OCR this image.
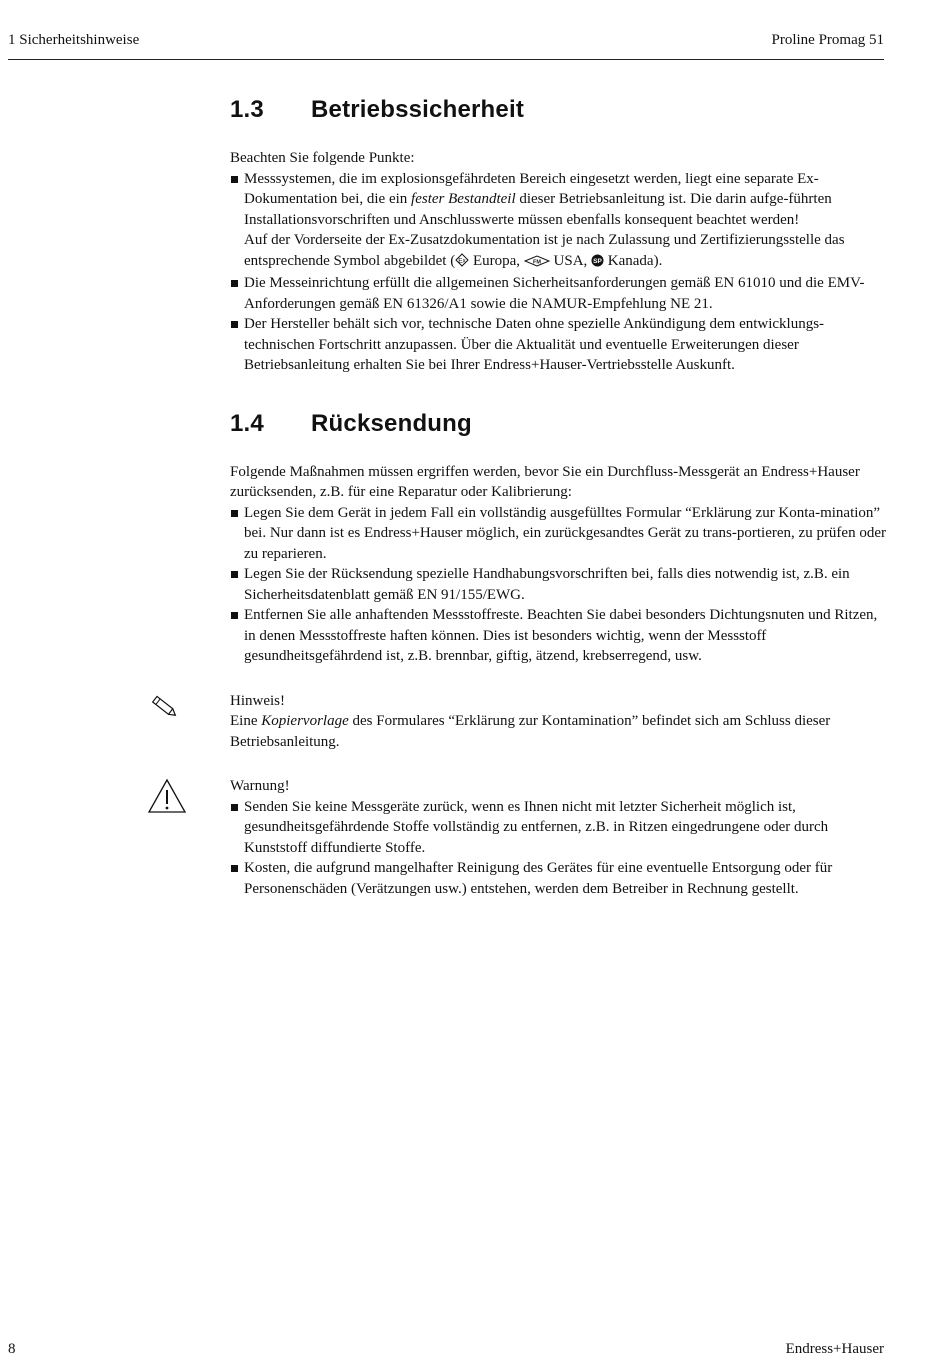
1 Sicherheitshinweise	Proline Promag 51
1.3	Betriebssicherheit

Beachten Sie folgende Punkte:

Messsystemen, die im explosionsgefährdeten Bereich eingesetzt werden, liegt eine separate Ex-Dokumentation bei, die ein fester Bestandteil dieser Betriebsanleitung ist. Die darin aufge-führten Installationsvorschriften und Anschlusswerte müssen ebenfalls konsequent beachtet werden!
Auf der Vorderseite der Ex-Zusatzdokumentation ist je nach Zulassung und Zertifizierungsstelle das entsprechende Symbol abgebildet ( Ex Europa, FM USA, SP Kanada).
Die Messeinrichtung erfüllt die allgemeinen Sicherheitsanforderungen gemäß EN 61010 und die EMV-Anforderungen gemäß EN 61326/A1 sowie die NAMUR-Empfehlung NE 21.
Der Hersteller behält sich vor, technische Daten ohne spezielle Ankündigung dem entwicklungs-technischen Fortschritt anzupassen. Über die Aktualität und eventuelle Erweiterungen dieser Betriebsanleitung erhalten Sie bei Ihrer Endress+Hauser-Vertriebsstelle Auskunft.
1.4	Rücksendung

Folgende Maßnahmen müssen ergriffen werden, bevor Sie ein Durchfluss-Messgerät an Endress+Hauser zurücksenden, z.B. für eine Reparatur oder Kalibrierung:

Legen Sie dem Gerät in jedem Fall ein vollständig ausgefülltes Formular “Erklärung zur Konta-mination” bei. Nur dann ist es Endress+Hauser möglich, ein zurückgesandtes Gerät zu trans-portieren, zu prüfen oder zu reparieren.
Legen Sie der Rücksendung spezielle Handhabungsvorschriften bei, falls dies notwendig ist, z.B. ein Sicherheitsdatenblatt gemäß EN 91/155/EWG.
Entfernen Sie alle anhaftenden Messstoffreste. Beachten Sie dabei besonders Dichtungsnuten und Ritzen, in denen Messstoffreste haften können. Dies ist besonders wichtig, wenn der Messstoff gesundheitsgefährdend ist, z.B. brennbar, giftig, ätzend, krebserregend, usw.

Hinweis!

Eine Kopiervorlage des Formulares “Erklärung zur Kontamination” befindet sich am Schluss dieser Betriebsanleitung.

Warnung!

Senden Sie keine Messgeräte zurück, wenn es Ihnen nicht mit letzter Sicherheit möglich ist, gesundheitsgefährdende Stoffe vollständig zu entfernen, z.B. in Ritzen eingedrungene oder durch Kunststoff diffundierte Stoffe.
Kosten, die aufgrund mangelhafter Reinigung des Gerätes für eine eventuelle Entsorgung oder für Personenschäden (Verätzungen usw.) entstehen, werden dem Betreiber in Rechnung gestellt.
8	Endress+Hauser
